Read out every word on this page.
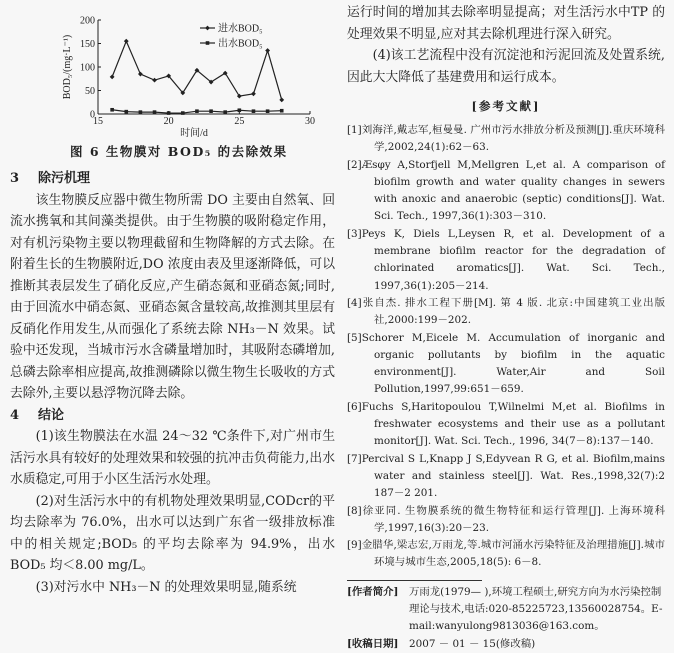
0
50
100
150
200
15	20	25	30
进水BOD₅
出水BOD₅
时间/d
BOD₅/(mg·L⁻¹)
图 6 生物膜对 BOD₅ 的去除效果

3 除污机理

该生物膜反应器中微生物所需 DO 主要由自然氧、回流水携氧和其间藻类提供。由于生物膜的吸附稳定作用，对有机污染物主要以物理截留和生物降解的方式去除。在附着生长的生物膜附近,DO 浓度由表及里逐渐降低，可以推断其表层发生了硝化反应,产生硝态氮和亚硝态氮;同时,由于回流水中硝态氮、亚硝态氮含量较高,故推测其里层有反硝化作用发生,从而强化了系统去除 NH₃－N 效果。试验中还发现，当城市污水含磷量增加时，其吸附态磷增加,总磷去除率相应提高,故推测磷除以微生物生长吸收的方式去除外,主要以悬浮物沉降去除。

4 结论

(1)该生物膜法在水温 24～32 ℃条件下,对广州市生活污水具有较好的处理效果和较强的抗冲击负荷能力,出水水质稳定,可用于小区生活污水处理。

(2)对生活污水中的有机物处理效果明显,CODcr的平均去除率为 76.0%，出水可以达到广东省一级排放标准中的相关规定;BOD₅ 的平均去除率为 94.9%，出水 BOD₅ 均＜8.00 mg/L。

(3)对污水中 NH₃－N 的处理效果明显,随系统

运行时间的增加其去除率明显提高；对生活污水中TP 的处理效果不明显,应对其去除机理进行深入研究。

(4)该工艺流程中没有沉淀池和污泥回流及处置系统,因此大大降低了基建费用和运行成本。

[参考文献]

[1]刘海洋,戴志军,桓曼曼. 广州市污水排放分析及预测[J].重庆环境科学,2002,24(1):62－63.

[2]Æsφy A,Storfjell M,Mellgren L,et al. A comparison of biofilm growth and water quality changes in sewers with anoxic and anaerobic (septic) conditions[J]. Wat. Sci. Tech., 1997,36(1):303－310.

[3]Peys K, Diels L,Leysen R, et al. Development of a membrane biofilm reactor for the degradation of chlorinated aromatics[J]. Wat. Sci. Tech., 1997,36(1):205－214.

[4]张自杰. 排水工程下册[M]. 第 4 版. 北京:中国建筑工业出版社,2000:199－202.

[5]Schorer M,Eicele M. Accumulation of inorganic and organic pollutants by biofilm in the aquatic environment[J]. Water,Air and Soil Pollution,1997,99:651－659.

[6]Fuchs S,Haritopoulou T,Wilnelmi M,et al. Biofilms in freshwater ecosystems and their use as a pollutant monitor[J]. Wat. Sci. Tech., 1996, 34(7－8):137－140.

[7]Percival S L,Knapp J S,Edyvean R G, et al. Biofilm,mains water and stainless steel[J]. Wat. Res.,1998,32(7):2 187－2 201.

[8]徐亚同. 生物膜系统的微生物特征和运行管理[J]. 上海环境科学,1997,16(3):20－23.

[9]金腊华,梁志宏,万雨龙,等.城市河涌水污染特征及治理措施[J].城市环境与城市生态,2005,18(5): 6－8.

[作者简介]	万雨龙(1979— ),环境工程硕士,研究方向为水污染控制理论与技术,电话:020-85225723,13560028754。E-mail:wanyulong9813036@163.com。
[收稿日期]	2007 － 01 － 15(修改稿)
